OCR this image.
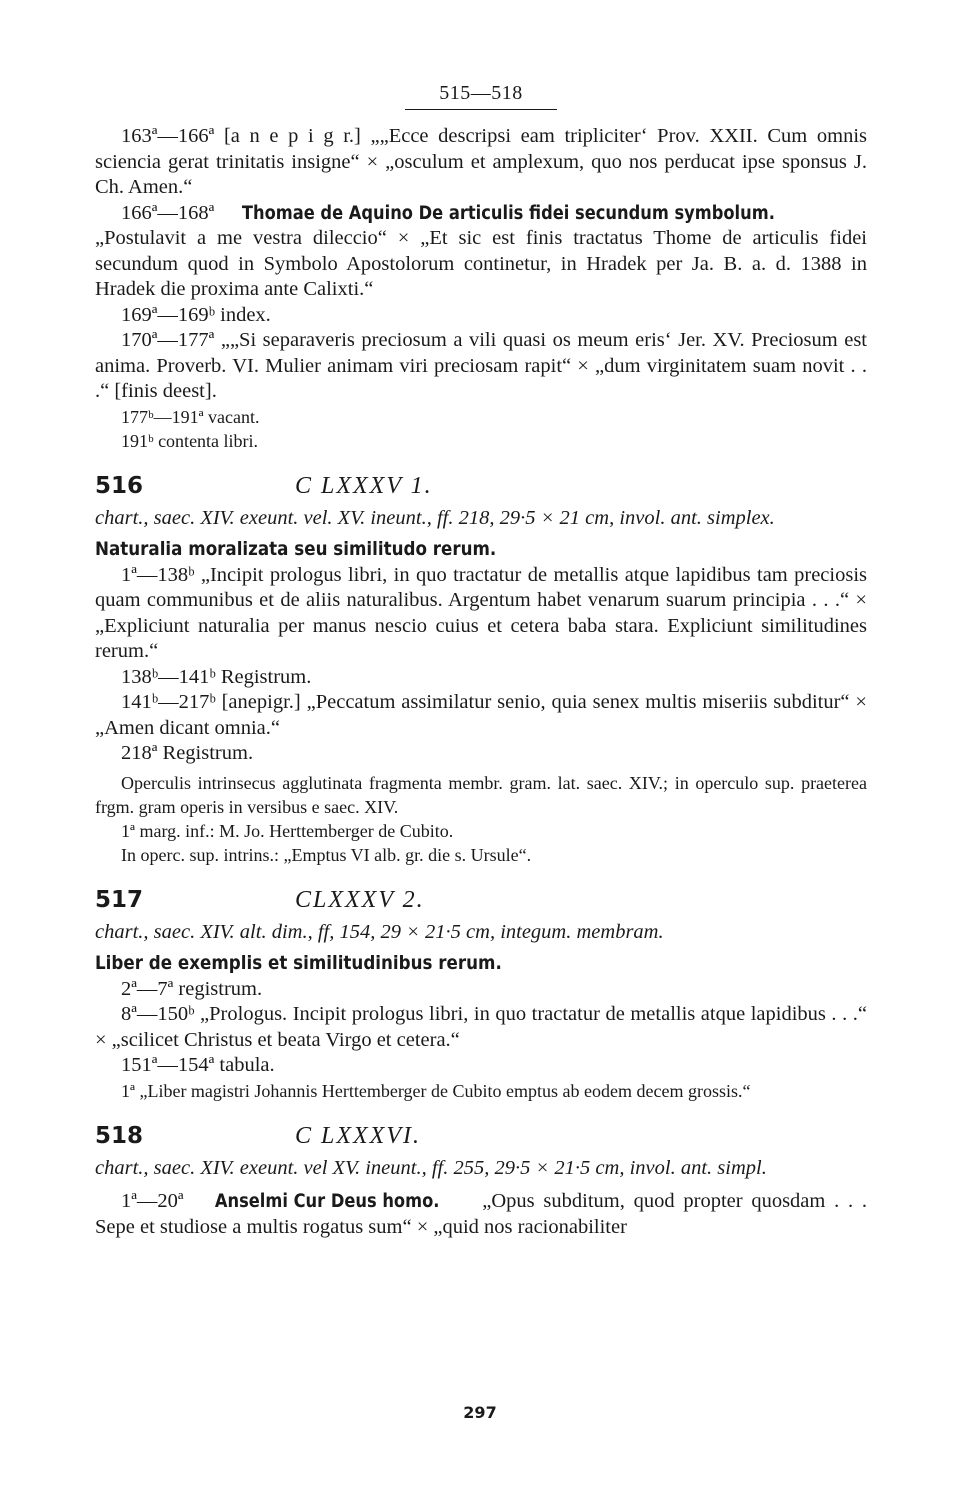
515—518

163ª—166ª [a n e p i g r.] „„Ecce descripsi eam tripliciter‘ Prov. XXII. Cum omnis sciencia gerat trinitatis insigne“ × „osculum et amplexum, quo nos perducat ipse sponsus J. Ch. Amen.“

166ª—168ª Thomae de Aquino De articulis fidei secundum symbolum.

„Postulavit a me vestra dileccio“ × „Et sic est finis tractatus Thome de articulis fidei secundum quod in Symbolo Apostolorum continetur, in Hradek per Ja. B. a. d. 1388 in Hradek die proxima ante Calixti.“

169ª—169ᵇ index.

170ª—177ª „„Si separaveris preciosum a vili quasi os meum eris‘ Jer. XV. Preciosum est anima. Proverb. VI. Mulier animam viri preciosam rapit“ × „dum virginitatem suam novit . . .“ [finis deest].

177ᵇ—191ª vacant.

191ᵇ contenta libri.

516	C LXXXV 1.

chart., saec. XIV. exeunt. vel. XV. ineunt., ff. 218, 29·5 × 21 cm, invol. ant. simplex.

Naturalia moralizata seu similitudo rerum.

1ª—138ᵇ „Incipit prologus libri, in quo tractatur de metallis atque lapidibus tam preciosis quam communibus et de aliis naturalibus. Argentum habet venarum suarum principia . . .“ × „Expliciunt naturalia per manus nescio cuius et cetera baba stara. Expliciunt similitudines rerum.“

138ᵇ—141ᵇ Registrum.

141ᵇ—217ᵇ [anepigr.] „Peccatum assimilatur senio, quia senex multis miseriis subditur“ × „Amen dicant omnia.“

218ª Registrum.

Operculis intrinsecus agglutinata fragmenta membr. gram. lat. saec. XIV.; in operculo sup. praeterea frgm. gram operis in versibus e saec. XIV.

1ª marg. inf.: M. Jo. Herttemberger de Cubito.

In operc. sup. intrins.: „Emptus VI alb. gr. die s. Ursule“.

517	CLXXXV 2.

chart., saec. XIV. alt. dim., ff, 154, 29 × 21·5 cm, integum. membram.

Liber de exemplis et similitudinibus rerum.

2ª—7ª registrum.

8ª—150ᵇ „Prologus. Incipit prologus libri, in quo tractatur de metallis atque lapidibus . . .“ × „scilicet Christus et beata Virgo et cetera.“

151ª—154ª tabula.

1ª „Liber magistri Johannis Herttemberger de Cubito emptus ab eodem decem grossis.“

518	C LXXXVI.

chart., saec. XIV. exeunt. vel XV. ineunt., ff. 255, 29·5 × 21·5 cm, invol. ant. simpl.

1ª—20ª Anselmi Cur Deus homo. „Opus subditum, quod propter quosdam . . . Sepe et studiose a multis rogatus sum“ × „quid nos racionabiliter

297
